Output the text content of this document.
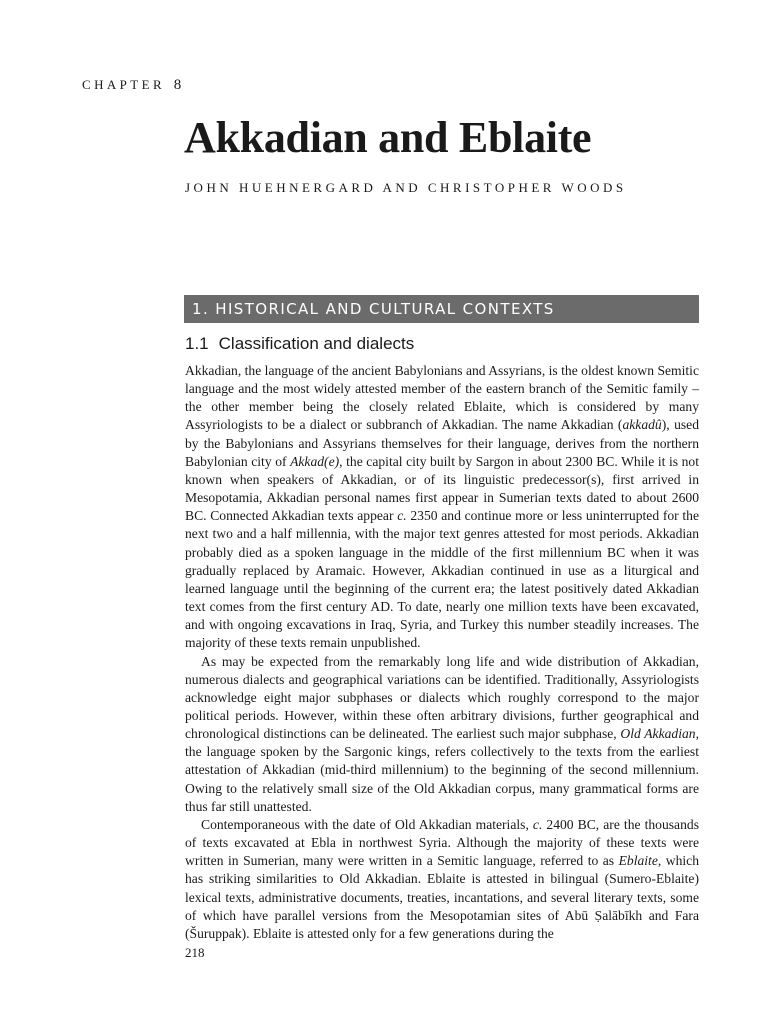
CHAPTER 8
Akkadian and Eblaite
JOHN HUEHNERGARD AND CHRISTOPHER WOODS
1. HISTORICAL AND CULTURAL CONTEXTS
1.1 Classification and dialects

Akkadian, the language of the ancient Babylonians and Assyrians, is the oldest known Semitic language and the most widely attested member of the eastern branch of the Semitic family – the other member being the closely related Eblaite, which is considered by many Assyriologists to be a dialect or subbranch of Akkadian. The name Akkadian (akkadû), used by the Babylonians and Assyrians themselves for their language, derives from the northern Babylonian city of Akkad(e), the capital city built by Sargon in about 2300 BC. While it is not known when speakers of Akkadian, or of its linguistic predecessor(s), first arrived in Mesopotamia, Akkadian personal names first appear in Sumerian texts dated to about 2600 BC. Connected Akkadian texts appear c. 2350 and continue more or less uninterrupted for the next two and a half millennia, with the major text genres attested for most periods. Akkadian probably died as a spoken language in the middle of the first millennium BC when it was gradually replaced by Aramaic. However, Akkadian continued in use as a liturgical and learned language until the beginning of the current era; the latest positively dated Akkadian text comes from the first century AD. To date, nearly one million texts have been excavated, and with ongoing excavations in Iraq, Syria, and Turkey this number steadily increases. The majority of these texts remain unpublished.

As may be expected from the remarkably long life and wide distribution of Akkadian, numerous dialects and geographical variations can be identified. Traditionally, Assyriologists acknowledge eight major subphases or dialects which roughly correspond to the major political periods. However, within these often arbitrary divisions, further geographical and chronological distinctions can be delineated. The earliest such major subphase, Old Akkadian, the language spoken by the Sargonic kings, refers collectively to the texts from the earliest attestation of Akkadian (mid-third millennium) to the beginning of the second millennium. Owing to the relatively small size of the Old Akkadian corpus, many grammatical forms are thus far still unattested.

Contemporaneous with the date of Old Akkadian materials, c. 2400 BC, are the thousands of texts excavated at Ebla in northwest Syria. Although the majority of these texts were written in Sumerian, many were written in a Semitic language, referred to as Eblaite, which has striking similarities to Old Akkadian. Eblaite is attested in bilingual (Sumero-Eblaite) lexical texts, administrative documents, treaties, incantations, and several literary texts, some of which have parallel versions from the Mesopotamian sites of Abū Ṣalābīkh and Fara (Šuruppak). Eblaite is attested only for a few generations during the

218
